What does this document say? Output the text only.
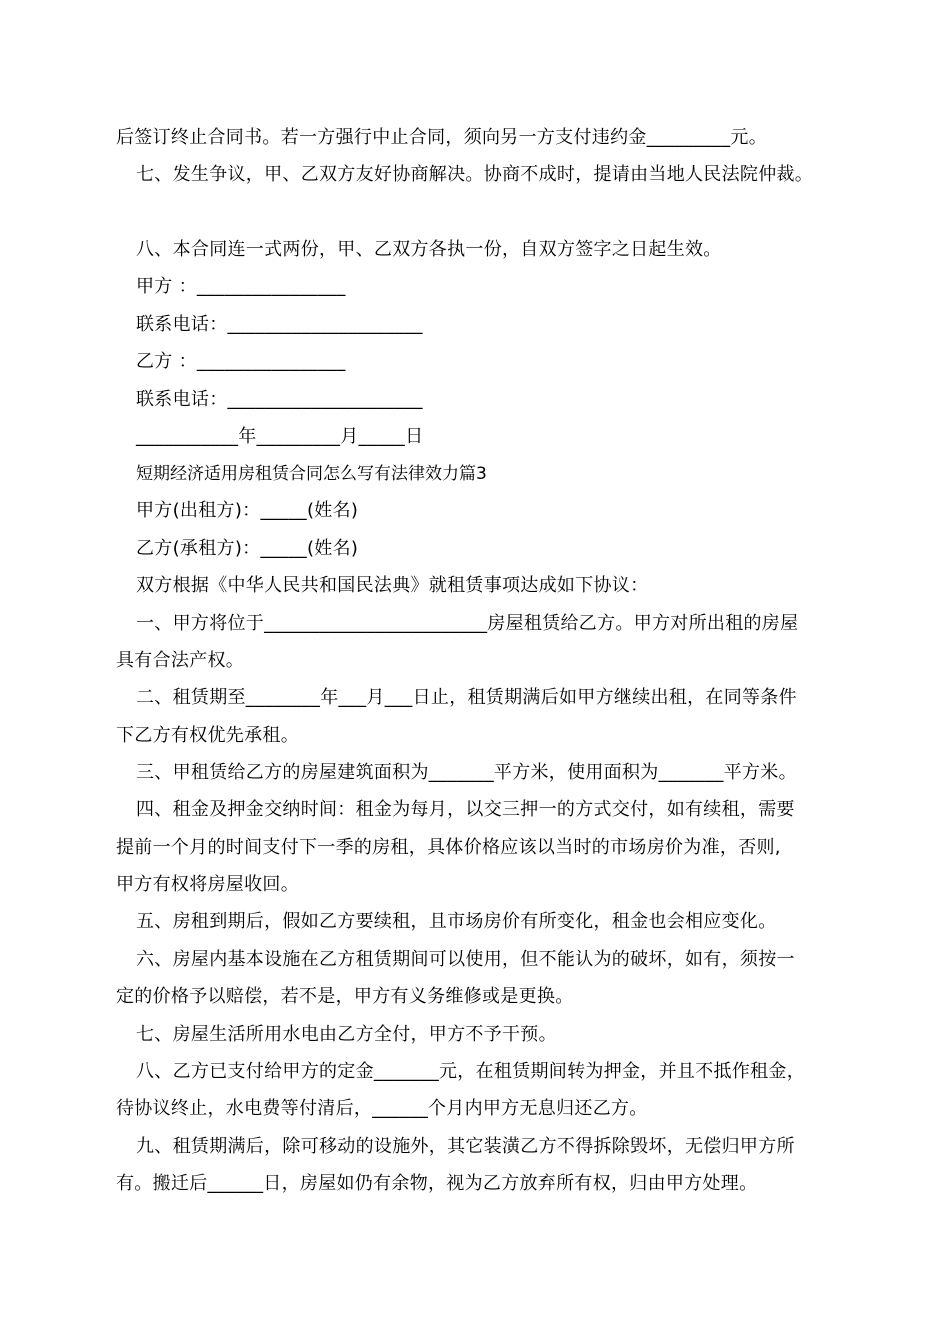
后签订终止合同书。若一方强行中止合同，须向另一方支付违约金_________元。
七、发生争议，甲、乙双方友好协商解决。协商不成时，提请由当地人民法院仲裁。
八、本合同连一式两份，甲、乙双方各执一份，自双方签字之日起生效。
甲方 ：________________
联系电话：_____________________
乙方 ：________________
联系电话：_____________________
___________年_________月_____日
短期经济适用房租赁合同怎么写有法律效力篇3
甲方(出租方)：_____(姓名)
乙方(承租方)：_____(姓名)
双方根据《中华人民共和国民法典》就租赁事项达成如下协议：
一、甲方将位于________________________房屋租赁给乙方。甲方对所出租的房屋
具有合法产权。
二、租赁期至________年___月___日止，租赁期满后如甲方继续出租，在同等条件
下乙方有权优先承租。
三、甲租赁给乙方的房屋建筑面积为_______平方米，使用面积为_______平方米。
四、租金及押金交纳时间：租金为每月，以交三押一的方式交付，如有续租，需要
提前一个月的时间支付下一季的房租，具体价格应该以当时的市场房价为准，否则,
甲方有权将房屋收回。
五、房租到期后，假如乙方要续租，且市场房价有所变化，租金也会相应变化。
六、房屋内基本设施在乙方租赁期间可以使用，但不能认为的破坏，如有，须按一
定的价格予以赔偿，若不是，甲方有义务维修或是更换。
七、房屋生活所用水电由乙方全付，甲方不予干预。
八、乙方已支付给甲方的定金_______元，在租赁期间转为押金，并且不抵作租金，
待协议终止，水电费等付清后，______个月内甲方无息归还乙方。
九、租赁期满后，除可移动的设施外，其它装潢乙方不得拆除毁坏，无偿归甲方所
有。搬迁后______日，房屋如仍有余物，视为乙方放弃所有权，归由甲方处理。
